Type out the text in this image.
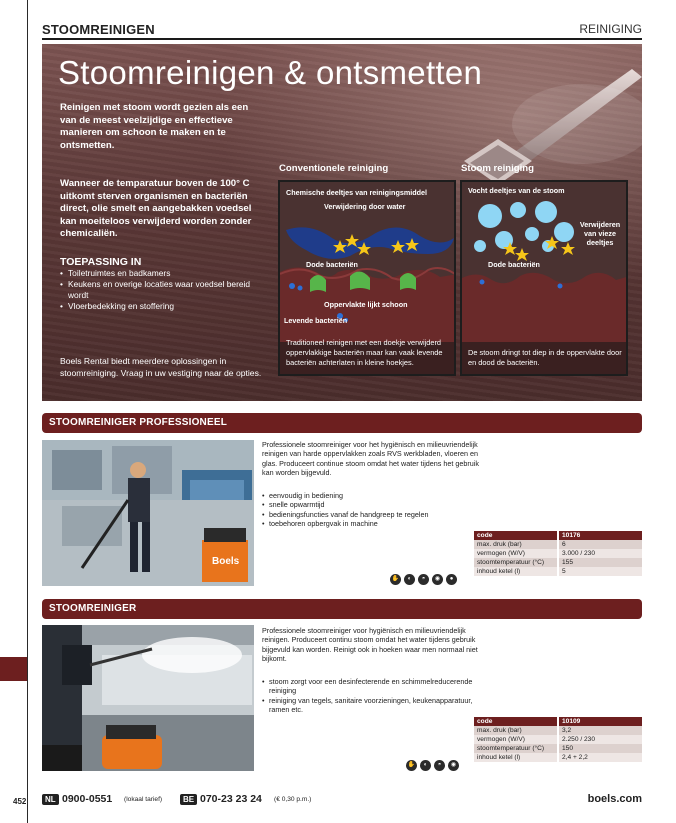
452
STOOMREINIGEN	REINIGING
Stoomreinigen & ontsmetten
Reinigen met stoom wordt gezien als een van de meest veelzijdige en effectieve manieren om schoon te maken en te ontsmetten.
Wanneer de temparatuur boven de 100° C uitkomt sterven organismen en bacteriën direct, olie smelt en aangebakken voedsel kan moeiteloos verwijderd worden zonder chemicaliën.
TOEPASSING IN
• Toiletruimtes en badkamers
• Keukens en overige locaties waar voedsel bereid wordt
• Vloerbedekking en stoffering
Boels Rental biedt meerdere oplossingen in stoomreiniging. Vraag in uw vestiging naar de opties.
Conventionele reiniging
Chemische deeltjes van reinigingsmiddel
Verwijdering door water
Dode bacteriën
Oppervlakte lijkt schoon
Levende bacteriën
Traditioneel reinigen met een doekje verwijderd oppervlakkige bacteriën maar kan vaak levende bacteriën achterlaten in kleine hoekjes.
Stoom reiniging
Vocht deeltjes van de stoom
Verwijderen van vieze deeltjes
Dode bacteriën
De stoom dringt tot diep in de oppervlakte door en dood de bacteriën.
STOOMREINIGER PROFESSIONEEL
Boels
Professionele stoomreiniger voor het hygiënisch en milieuvriendelijk reinigen van harde oppervlakken zoals RVS werkbladen, vloeren en glas. Produceert continue stoom omdat het water tijdens het gebruik kan worden bijgevuld.
• eenvoudig in bediening
• snelle opwarmtijd
• bedieningsfuncties vanaf de handgreep te regelen
• toebehoren opbergvak in machine
code	10176
max. druk (bar)	6
vermogen (W/V)	3.000 / 230
stoomtemperatuur (°C)	155
inhoud ketel (l)	5
✋	◐	◓	◉	●
STOOMREINIGER
Professionele stoomreiniger voor hygiënisch en milieuvriendelijk reinigen. Produceert continu stoom omdat het water tijdens gebruik bijgevuld kan worden. Reinigt ook in hoeken waar men normaal niet bijkomt.
• stoom zorgt voor een desinfecterende en schimmelreducerende reiniging
• reiniging van tegels, sanitaire voorzieningen, keukenapparatuur, ramen etc.
code	10109
max. druk (bar)	3,2
vermogen (W/V)	2.250 / 230
stoomtemperatuur (°C)	150
inhoud ketel (l)	2,4 + 2,2
✋	◐	◓	◉
NL 0900-0551 (lokaal tarief)	BE 070-23 23 24 (€ 0,30 p.m.)	boels.com
